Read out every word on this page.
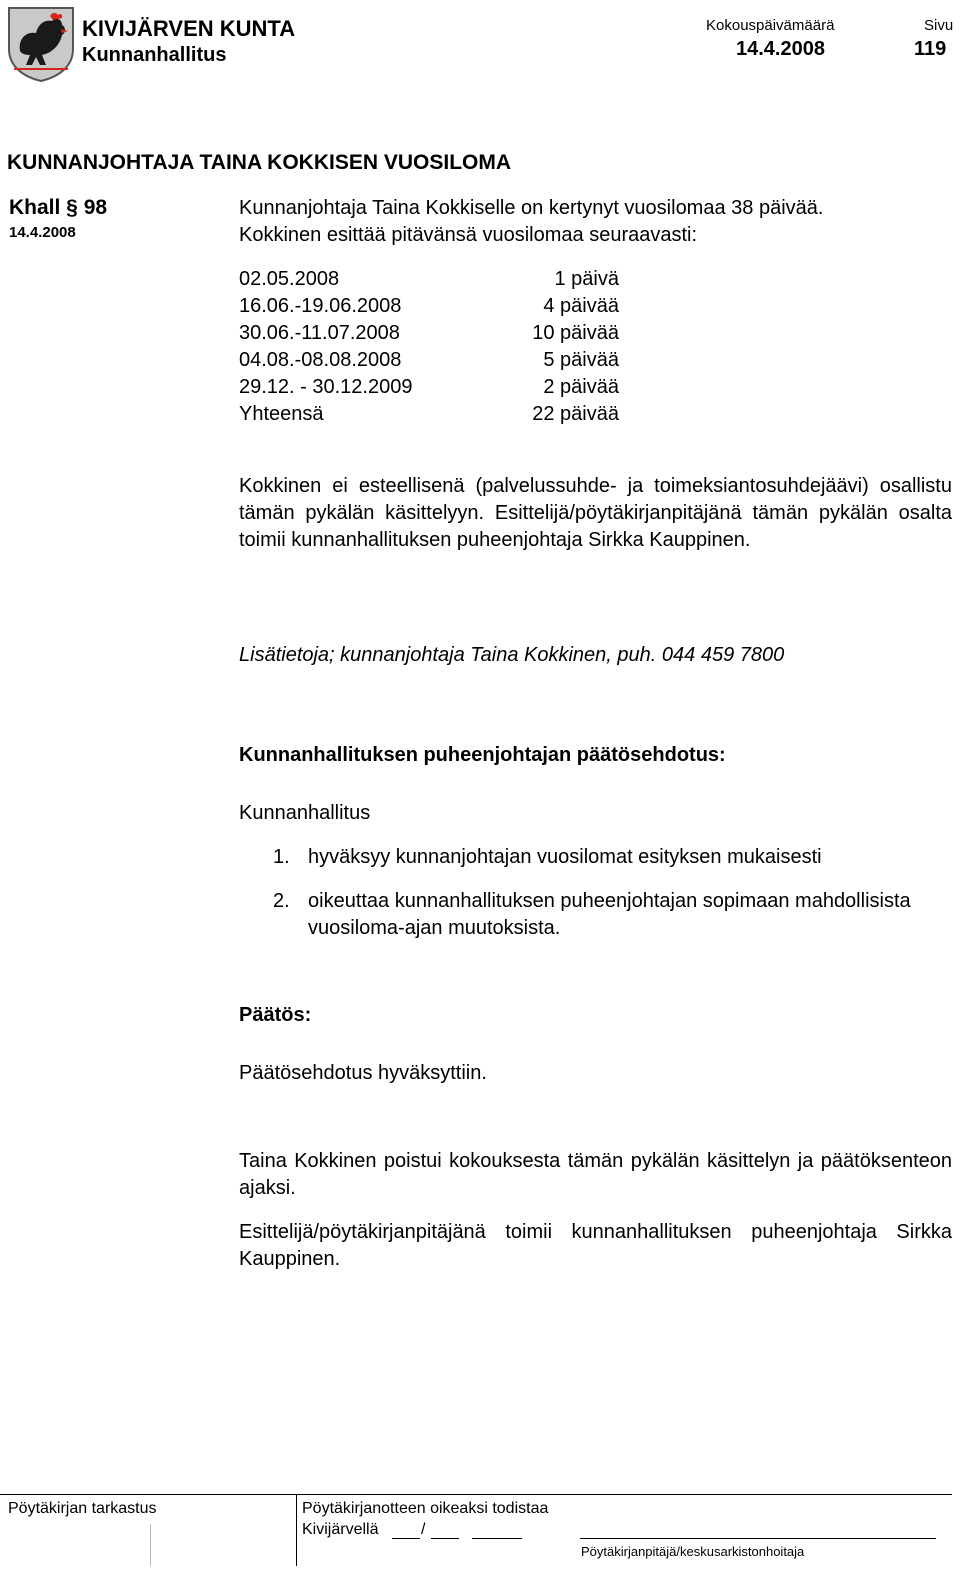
KIVIJÄRVEN KUNTA
Kunnanhallitus
Kokouspäivämäärä
14.4.2008
Sivu
119
KUNNANJOHTAJA TAINA KOKKISEN VUOSILOMA
Khall § 98
14.4.2008
Kunnanjohtaja Taina Kokkiselle on kertynyt vuosilomaa 38 päivää.
Kokkinen esittää pitävänsä vuosilomaa seuraavasti:
02.05.2008	1 päivä
16.06.-19.06.2008	4 päivää
30.06.-11.07.2008	10 päivää
04.08.-08.08.2008	5 päivää
29.12. - 30.12.2009	2 päivää
Yhteensä	22 päivää
Kokkinen ei esteellisenä (palvelussuhde- ja toimeksiantosuhdejäävi) osallistu tämän pykälän käsittelyyn. Esittelijä/pöytäkirjanpitäjänä tämän pykälän osalta toimii kunnanhallituksen puheenjohtaja Sirkka Kauppinen.
Lisätietoja; kunnanjohtaja Taina Kokkinen, puh. 044 459 7800
Kunnanhallituksen puheenjohtajan päätösehdotus:
Kunnanhallitus
1. hyväksyy kunnanjohtajan vuosilomat esityksen mukaisesti
2. oikeuttaa kunnanhallituksen puheenjohtajan sopimaan mahdollisista vuosiloma-ajan muutoksista.
Päätös:
Päätösehdotus hyväksyttiin.
Taina Kokkinen poistui kokouksesta tämän pykälän käsittelyn ja päätöksenteon ajaksi.
Esittelijä/pöytäkirjanpitäjänä toimii kunnanhallituksen puheenjohtaja Sirkka Kauppinen.
Pöytäkirjan tarkastus	Pöytäkirjanotteen oikeaksi todistaa
Kivijärvellä	/
Pöytäkirjanpitäjä/keskusarkistonhoitaja
